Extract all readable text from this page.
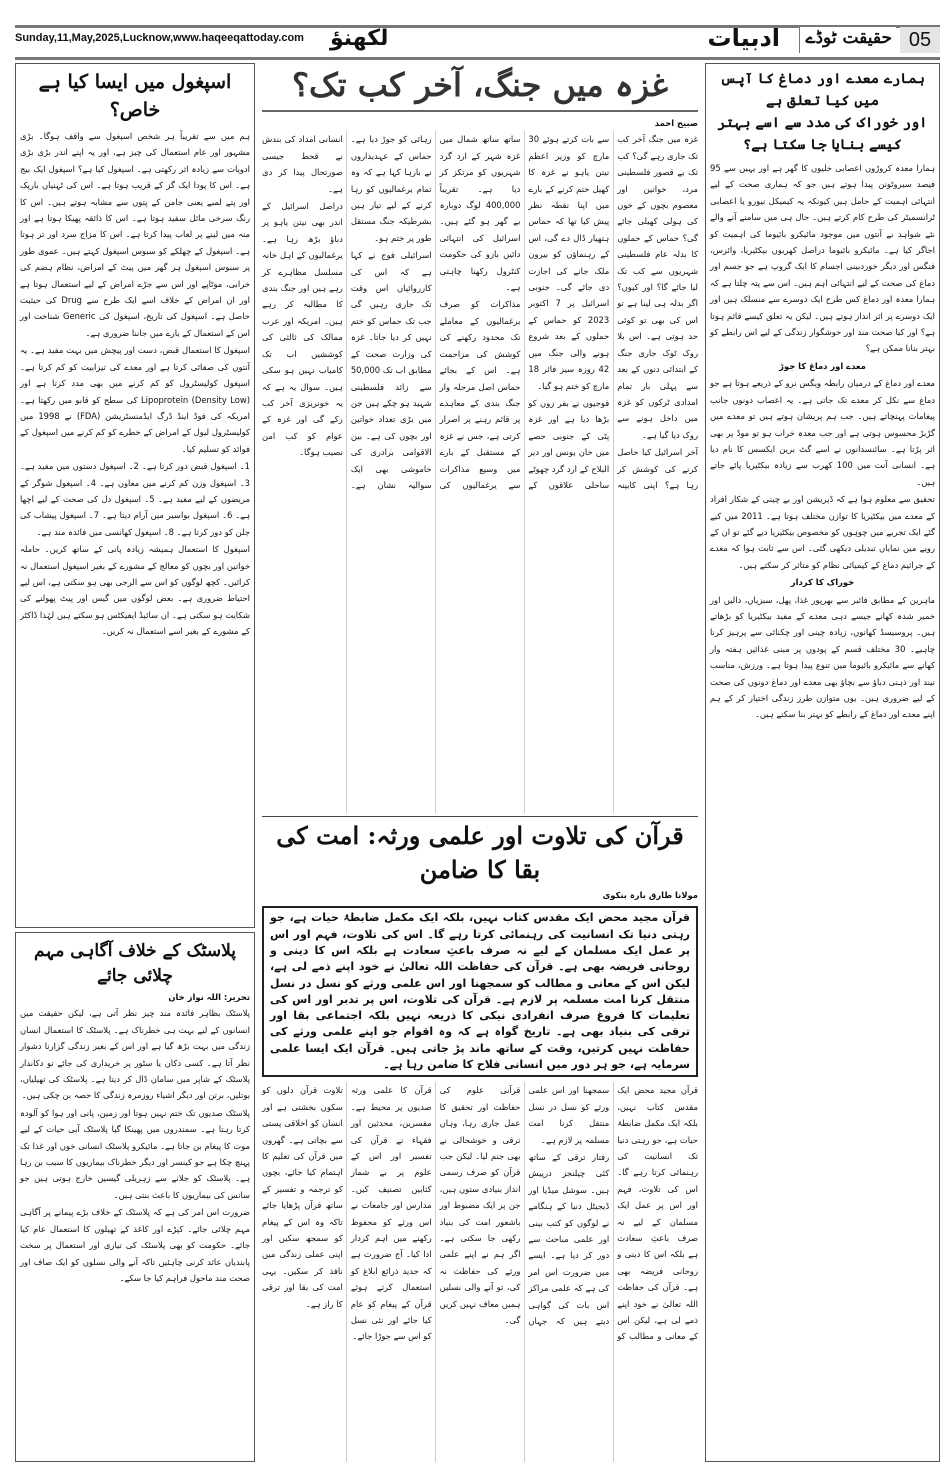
Sunday,11,May,2025,Lucknow,www.haqeeqattoday.com لکھنؤ	ادبیات	حقیقت ٹوڈے 05
اسپغول میں ایسا کیا ہے خاص؟

ہم میں سے تقریباً ہر شخص اسپغول سے واقف ہوگا۔ بڑی مشہور اور عام استعمال کی چیز ہے، اور یہ اپنے اندر بڑی بڑی ادویات سے زیادہ اثر رکھتی ہے۔ اسپغول کیا ہے؟ اسپغول ایک بیج ہے۔ اس کا پودا ایک گز کے قریب ہوتا ہے۔ اس کی ٹہنیاں باریک اور پتے لمبے یعنی جامن کے پتوں سے مشابہ ہوتے ہیں۔ اس کا رنگ سرخی مائل سفید ہوتا ہے۔ اس کا ذائقہ پھیکا ہوتا ہے اور منہ میں لینے پر لعاب پیدا کرتا ہے۔ اس کا مزاج سرد اور تر ہوتا ہے۔ اسپغول کے چھلکے کو سبوس اسپغول کہتے ہیں۔ عموی طور پر سبوس اسپغول ہر گھر میں پیٹ کے امراض، نظام ہضم کی خرابی، موٹاپے اور اس سے جڑے امراض کے لیے استعمال ہوتا ہے اور ان امراض کے خلاف اسے ایک طرح سے Drug کی حیثیت حاصل ہے۔ اسپغول کی تاریخ، اسپغول کی Generic شناخت اور اس کے استعمال کے بارے میں جاننا ضروری ہے۔

اسپغول کا استعمال قبض، دست اور پیچش میں بہت مفید ہے۔ یہ آنتوں کی صفائی کرتا ہے اور معدے کی تیزابیت کو کم کرتا ہے۔ اسپغول کولیسٹرول کو کم کرنے میں بھی مدد کرتا ہے اور Lipoprotein (Density Low) کی سطح کو قابو میں رکھتا ہے۔ امریکہ کی فوڈ اینڈ ڈرگ ایڈمنسٹریشن (FDA) نے 1998 میں کولیسٹرول لیول کے امراض کے خطرے کو کم کرنے میں اسپغول کے فوائد کو تسلیم کیا۔

1۔ اسپغول قبض دور کرتا ہے۔ 2۔ اسپغول دستوں میں مفید ہے۔ 3۔ اسپغول وزن کم کرنے میں معاون ہے۔ 4۔ اسپغول شوگر کے مریضوں کے لیے مفید ہے۔ 5۔ اسپغول دل کی صحت کے لیے اچھا ہے۔ 6۔ اسپغول بواسیر میں آرام دیتا ہے۔ 7۔ اسپغول پیشاب کی جلن کو دور کرتا ہے۔ 8۔ اسپغول کھانسی میں فائدہ مند ہے۔

اسپغول کا استعمال ہمیشہ زیادہ پانی کے ساتھ کریں۔ حاملہ خواتین اور بچوں کو معالج کے مشورے کے بغیر اسپغول استعمال نہ کرائیں۔ کچھ لوگوں کو اس سے الرجی بھی ہو سکتی ہے، اس لیے احتیاط ضروری ہے۔ بعض لوگوں میں گیس اور پیٹ پھولنے کی شکایت ہو سکتی ہے۔ ان سائیڈ ایفیکٹس ہو سکتے ہیں لہٰذا ڈاکٹر کے مشورے کے بغیر اسے استعمال نہ کریں۔

پلاسٹک کے خلاف آگاہی مہم چلائی جائے
تحریر: اللہ نواز خان

پلاسٹک بظاہر فائدہ مند چیز نظر آتی ہے، لیکن حقیقت میں انسانوں کے لیے بہت ہی خطرناک ہے۔ پلاسٹک کا استعمال انسان زندگی میں بہت بڑھ گیا ہے اور اس کے بغیر زندگی گزارنا دشوار نظر آتا ہے۔ کسی دکان یا سٹور پر خریداری کی جائے تو دکاندار پلاسٹک کے شاپر میں سامان ڈال کر دیتا ہے۔ پلاسٹک کی تھیلیاں، بوتلیں، برتن اور دیگر اشیاء روزمرہ زندگی کا حصہ بن چکی ہیں۔

پلاسٹک صدیوں تک ختم نہیں ہوتا اور زمین، پانی اور ہوا کو آلودہ کرتا رہتا ہے۔ سمندروں میں پھینکا گیا پلاسٹک آبی حیات کے لیے موت کا پیغام بن جاتا ہے۔ مائیکرو پلاسٹک انسانی خون اور غذا تک پہنچ چکا ہے جو کینسر اور دیگر خطرناک بیماریوں کا سبب بن رہا ہے۔ پلاسٹک کو جلانے سے زہریلی گیسیں خارج ہوتی ہیں جو سانس کی بیماریوں کا باعث بنتی ہیں۔

ضرورت اس امر کی ہے کہ پلاسٹک کے خلاف بڑے پیمانے پر آگاہی مہم چلائی جائے۔ کپڑے اور کاغذ کے تھیلوں کا استعمال عام کیا جائے۔ حکومت کو بھی پلاسٹک کی تیاری اور استعمال پر سخت پابندیاں عائد کرنی چاہئیں تاکہ آنے والی نسلوں کو ایک صاف اور صحت مند ماحول فراہم کیا جا سکے۔

غزہ میں جنگ، آخر کب تک؟
صبیح احمد

غزہ میں جنگ آخر کب تک جاری رہے گی؟ کب تک بے قصور فلسطینی مرد، خواتین اور معصوم بچوں کے خون کی ہولی کھیلی جائے گی؟ حماس کے حملوں کا بدلہ عام فلسطینی شہریوں سے کب تک لیا جائے گا؟ اور کیوں؟ اگر بدلہ ہی لینا ہے تو اس کی بھی تو کوئی حد ہوتی ہے۔ اس بلا روک ٹوک جاری جنگ کے ابتدائی دنوں کے بعد سے پہلی بار تمام امدادی ٹرکوں کو غزہ میں داخل ہونے سے روک دیا گیا ہے۔

آخر اسرائیل کیا حاصل کرنے کی کوشش کر رہا ہے؟ اپنی کابینہ سے بات کرتے ہوئے 30 مارچ کو وزیر اعظم نیتن یاہو نے غزہ کا کھیل ختم کرنے کے بارے میں اپنا نقطہ نظر پیش کیا تھا کہ حماس ہتھیار ڈال دے گی، اس کے رہنماؤں کو بیرون ملک جانے کی اجازت دی جائے گی۔ جنوبی اسرائیل پر 7 اکتوبر 2023 کو حماس کے حملوں کے بعد شروع ہونے والی جنگ میں 42 روزہ سیز فائر 18 مارچ کو ختم ہو گیا۔

فوجیوں نے بفر زون کو بڑھا دیا ہے اور غزہ پٹی کے جنوبی حصے میں خان یونس اور دیر البلاح کے ارد گرد چھوٹے ساحلی علاقوں کے ساتھ ساتھ شمال میں غزہ شہر کے ارد گرد شہریوں کو مرتکز کر دیا ہے۔ تقریباً 400,000 لوگ دوبارہ بے گھر ہو گئے ہیں۔ اسرائیل کی انتہائی دائیں بازو کی حکومت کنٹرول رکھنا چاہتی ہے۔

مذاکرات کو صرف یرغمالیوں کے معاملے تک محدود رکھنے کی کوشش کی مزاحمت ہے۔ اس کے بجائے حماس اصل مرحلہ وار جنگ بندی کے معاہدے پر قائم رہنے پر اصرار کرتی ہے، جس نے غزہ کے مستقبل کے بارے میں وسیع مذاکرات سے یرغمالیوں کی رہائی کو جوڑ دیا ہے۔ حماس کے عہدیداروں نے بارہا کہا ہے کہ وہ تمام یرغمالیوں کو رہا کرنے کے لیے تیار ہیں بشرطیکہ جنگ مستقل طور پر ختم ہو۔

اسرائیلی فوج نے کہا ہے کہ اس کی کارروائیاں اس وقت تک جاری رہیں گی جب تک حماس کو ختم نہیں کر دیا جاتا۔ غزہ کی وزارت صحت کے مطابق اب تک 50,000 سے زائد فلسطینی شہید ہو چکے ہیں جن میں بڑی تعداد خواتین اور بچوں کی ہے۔ بین الاقوامی برادری کی خاموشی بھی ایک سوالیہ نشان ہے۔ انسانی امداد کی بندش نے قحط جیسی صورتحال پیدا کر دی ہے۔

دراصل اسرائیل کے اندر بھی نیتن یاہو پر دباؤ بڑھ رہا ہے۔ یرغمالیوں کے اہل خانہ مسلسل مظاہرے کر رہے ہیں اور جنگ بندی کا مطالبہ کر رہے ہیں۔ امریکہ اور عرب ممالک کی ثالثی کی کوششیں اب تک کامیاب نہیں ہو سکی ہیں۔ سوال یہ ہے کہ یہ خونریزی آخر کب رکے گی اور غزہ کے عوام کو کب امن نصیب ہوگا۔

قرآن کی تلاوت اور علمی ورثہ: امت کی بقا کا ضامن
مولانا طارق بارہ بنکوی
قرآن مجید محض ایک مقدس کتاب نہیں، بلکہ ایک مکمل ضابطۂ حیات ہے، جو رہتی دنیا تک انسانیت کی رہنمائی کرتا رہے گا۔ اس کی تلاوت، فہم اور اس پر عمل ایک مسلمان کے لیے نہ صرف باعثِ سعادت ہے بلکہ اس کا دینی و روحانی فریضہ بھی ہے۔ قرآن کی حفاظت اللہ تعالیٰ نے خود اپنے ذمے لی ہے، لیکن اس کے معانی و مطالب کو سمجھنا اور اس علمی ورثے کو نسل در نسل منتقل کرنا امت مسلمہ پر لازم ہے۔ قرآن کی تلاوت، اس پر تدبر اور اس کی تعلیمات کا فروغ صرف انفرادی نیکی کا ذریعہ نہیں بلکہ اجتماعی بقا اور ترقی کی بنیاد بھی ہے۔ تاریخ گواہ ہے کہ وہ اقوام جو اپنے علمی ورثے کی حفاظت نہیں کرتیں، وقت کے ساتھ ماند پڑ جاتی ہیں۔ قرآن ایک ایسا علمی سرمایہ ہے، جو ہر دور میں انسانی فلاح کا ضامن رہا ہے۔

قرآن مجید محض ایک مقدس کتاب نہیں، بلکہ ایک مکمل ضابطۂ حیات ہے، جو رہتی دنیا تک انسانیت کی رہنمائی کرتا رہے گا۔ اس کی تلاوت، فہم اور اس پر عمل ایک مسلمان کے لیے نہ صرف باعثِ سعادت ہے بلکہ اس کا دینی و روحانی فریضہ بھی ہے۔ قرآن کی حفاظت اللہ تعالیٰ نے خود اپنے ذمے لی ہے، لیکن اس کے معانی و مطالب کو سمجھنا اور اس علمی ورثے کو نسل در نسل منتقل کرنا امت مسلمہ پر لازم ہے۔

رفتار ترقی کے ساتھ کئی چیلنجز درپیش ہیں۔ سوشل میڈیا اور ڈیجیٹل دنیا کے ہنگامے نے لوگوں کو کتب بینی اور علمی مباحث سے دور کر دیا ہے۔ ایسے میں ضرورت اس امر کی ہے کہ علمی مراکز اس بات کی گواہی دیتے ہیں کہ جہاں قرآنی علوم کی حفاظت اور تحقیق کا عمل جاری رہا، وہاں ترقی و خوشحالی نے بھی جنم لیا۔ لیکن جب قرآن کو صرف رسمی انداز بنیادی ستون ہیں، جن پر ایک مضبوط اور باشعور امت کی بنیاد رکھی جا سکتی ہے۔ اگر ہم نے اپنے علمی ورثے کی حفاظت نہ کی، تو آنے والی نسلیں ہمیں معاف نہیں کریں گی۔

قرآن کا علمی ورثہ صدیوں پر محیط ہے۔ مفسرین، محدثین اور فقہاء نے قرآن کی تفسیر اور اس کے علوم پر بے شمار کتابیں تصنیف کیں۔ مدارس اور جامعات نے اس ورثے کو محفوظ رکھنے میں اہم کردار ادا کیا۔ آج ضرورت ہے کہ جدید ذرائع ابلاغ کو استعمال کرتے ہوئے قرآن کے پیغام کو عام کیا جائے اور نئی نسل کو اس سے جوڑا جائے۔

تلاوت قرآن دلوں کو سکون بخشتی ہے اور انسان کو اخلاقی پستی سے بچاتی ہے۔ گھروں میں قرآن کی تعلیم کا اہتمام کیا جائے، بچوں کو ترجمہ و تفسیر کے ساتھ قرآن پڑھایا جائے تاکہ وہ اس کے پیغام کو سمجھ سکیں اور اپنی عملی زندگی میں نافذ کر سکیں۔ یہی امت کی بقا اور ترقی کا راز ہے۔

ہمارے معدے اور دماغ کا آپس میں کیا تعلق ہے
اور خوراک کی مدد سے اسے بہتر کیسے بنایا جا سکتا ہے؟

ہمارا معدہ کروڑوں اعصابی خلیوں کا گھر ہے اور یہیں سے 95 فیصد سیروٹونن پیدا ہوتے ہیں جو کہ ہماری صحت کے لیے انتہائی اہمیت کے حامل ہیں کیونکہ یہ کیمیکل نیورو یا اعصابی ٹرانسمیٹر کی طرح کام کرتے ہیں۔ حال ہی میں سامنے آنے والے نئے شواہد نے آنتوں میں موجود مائیکرو بائیوما کی اہمیت کو اجاگر کیا ہے۔ مائیکرو بائیوما دراصل کھربوں بیکٹیریا، وائرس، فنگس اور دیگر خوردبینی اجسام کا ایک گروپ ہے جو جسم اور دماغ کی صحت کے لیے انتہائی اہم ہیں۔ اس سے پتہ چلتا ہے کہ ہمارا معدہ اور دماغ کس طرح ایک دوسرے سے منسلک ہیں اور ایک دوسرے پر اثر انداز ہوتے ہیں۔ لیکن یہ تعلق کیسے قائم ہوتا ہے؟ اور کیا صحت مند اور خوشگوار زندگی کے لیے اس رابطے کو بہتر بنانا ممکن ہے؟

معدے اور دماغ کا جوڑ

معدے اور دماغ کے درمیان رابطہ ویگس نرو کے ذریعے ہوتا ہے جو دماغ سے نکل کر معدے تک جاتی ہے۔ یہ اعصاب دونوں جانب پیغامات پہنچاتے ہیں۔ جب ہم پریشان ہوتے ہیں تو معدے میں گڑبڑ محسوس ہوتی ہے اور جب معدہ خراب ہو تو موڈ پر بھی اثر پڑتا ہے۔ سائنسدانوں نے اسے گٹ برین ایکسس کا نام دیا ہے۔ انسانی آنت میں 100 کھرب سے زیادہ بیکٹیریا پائے جاتے ہیں۔

تحقیق سے معلوم ہوا ہے کہ ڈپریشن اور بے چینی کے شکار افراد کے معدے میں بیکٹیریا کا توازن مختلف ہوتا ہے۔ 2011 میں کیے گئے ایک تجربے میں چوہوں کو مخصوص بیکٹیریا دیے گئے تو ان کے رویے میں نمایاں تبدیلی دیکھی گئی۔ اس سے ثابت ہوا کہ معدے کے جراثیم دماغ کے کیمیائی نظام کو متاثر کر سکتے ہیں۔

خوراک کا کردار

ماہرین کے مطابق فائبر سے بھرپور غذا، پھل، سبزیاں، دالیں اور خمیر شدہ کھانے جیسے دہی معدے کے مفید بیکٹیریا کو بڑھاتے ہیں۔ پروسیسڈ کھانوں، زیادہ چینی اور چکنائی سے پرہیز کرنا چاہیے۔ 30 مختلف قسم کے پودوں پر مبنی غذائیں ہفتہ وار کھانے سے مائیکرو بائیوما میں تنوع پیدا ہوتا ہے۔ ورزش، مناسب نیند اور ذہنی دباؤ سے بچاؤ بھی معدے اور دماغ دونوں کی صحت کے لیے ضروری ہیں۔ یوں متوازن طرز زندگی اختیار کر کے ہم اپنے معدے اور دماغ کے رابطے کو بہتر بنا سکتے ہیں۔
